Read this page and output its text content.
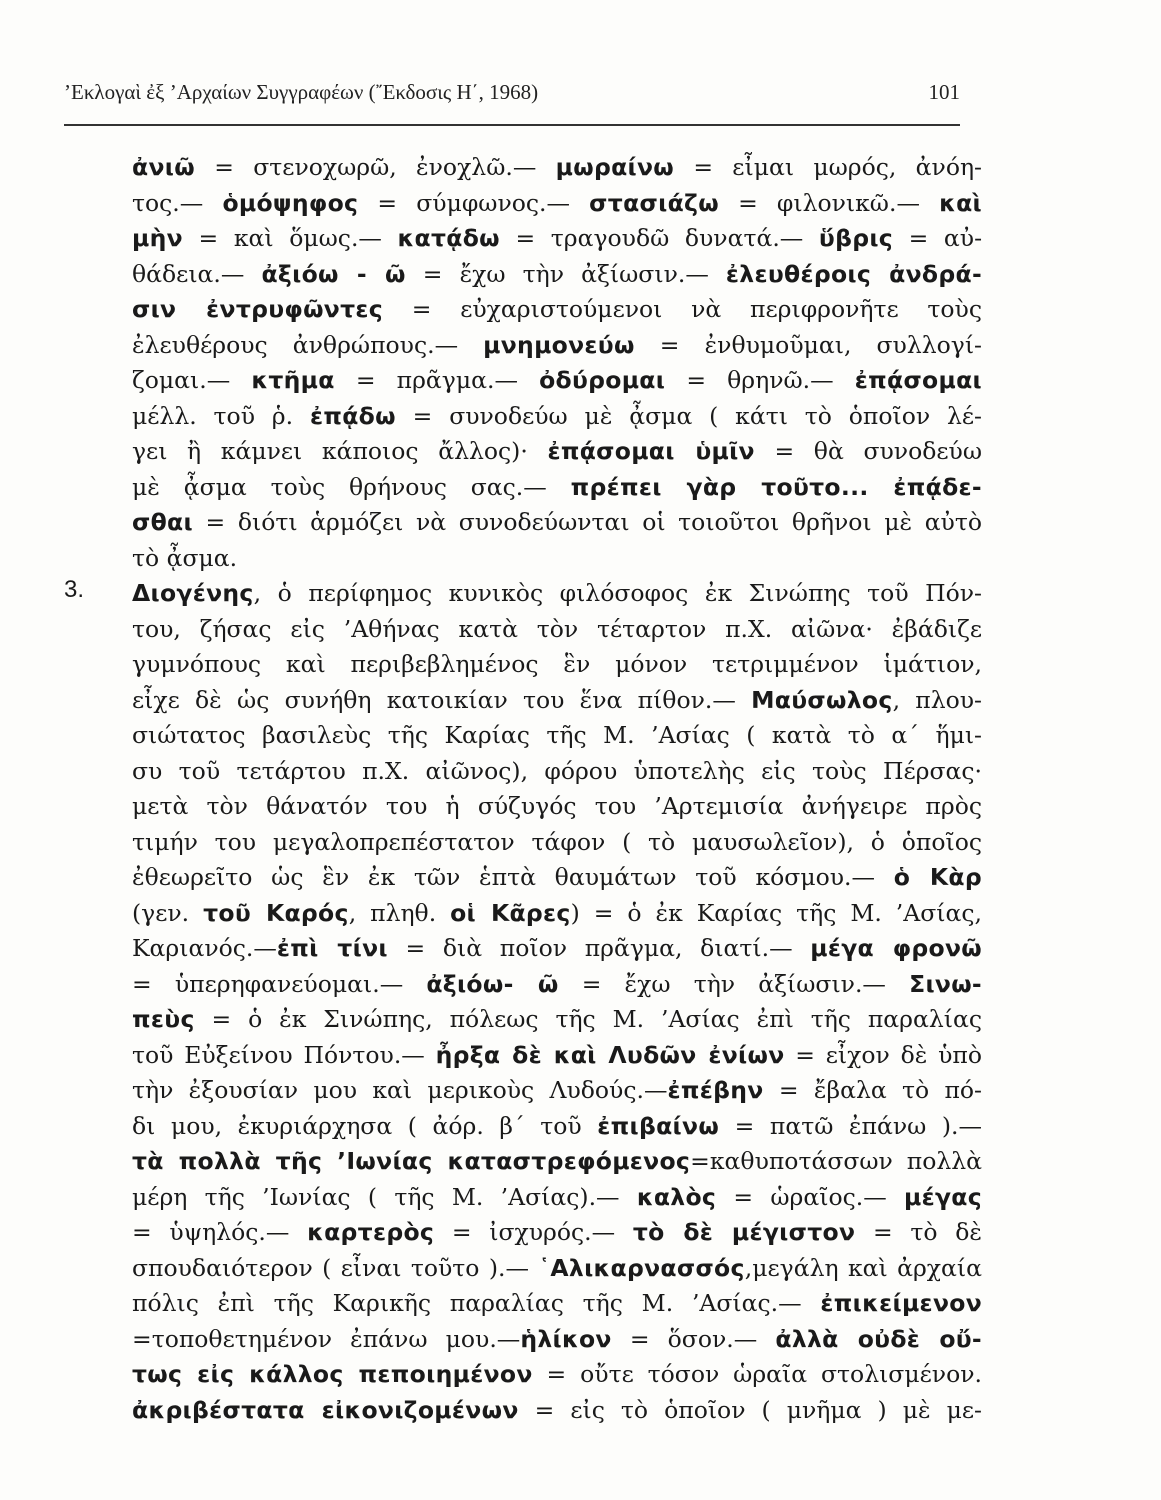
’Εκλογαὶ ἐξ ’Αρχαίων Συγγραφέων (῎Εκδοσις Η΄, 1968)	101
3.
ἀνιῶ = στενοχωρῶ, ἐνοχλῶ.— μωραίνω = εἶμαι μωρός, ἀνόη-
τος.— ὁμόψηφος = σύμφωνος.— στασιάζω = φιλονικῶ.— καὶ
μὴν = καὶ ὅμως.— κατᾴδω = τραγουδῶ δυνατά.— ὕβρις = αὐ-
θάδεια.— ἀξιόω - ῶ = ἔχω τὴν ἀξίωσιν.— ἐλευθέροις ἀνδρά-
σιν ἐντρυφῶντες = εὐχαριστούμενοι νὰ περιφρονῆτε τοὺς
ἐλευθέρους ἀνθρώπους.— μνημονεύω = ἐνθυμοῦμαι, συλλογί-
ζομαι.— κτῆμα = πρᾶγμα.— ὀδύρομαι = θρηνῶ.— ἐπᾴσομαι
μέλλ. τοῦ ῥ. ἐπᾴδω = συνοδεύω μὲ ᾆσμα ( κάτι τὸ ὁποῖον λέ-
γει ἢ κάμνει κάποιος ἄλλος)· ἐπᾴσομαι ὑμῖν = θὰ συνοδεύω
μὲ ᾆσμα τοὺς θρήνους σας.— πρέπει γὰρ τοῦτο... ἐπᾴδε-
σθαι = διότι ἁρμόζει νὰ συνοδεύωνται οἱ τοιοῦτοι θρῆνοι μὲ αὐτὸ
τὸ ᾆσμα.
Διογένης, ὁ περίφημος κυνικὸς φιλόσοφος ἐκ Σινώπης τοῦ Πόν-
του, ζήσας εἰς ’Αθήνας κατὰ τὸν τέταρτον π.Χ. αἰῶνα· ἐβάδιζε
γυμνόπους καὶ περιβεβλημένος ἓν μόνον τετριμμένον ἱμάτιον,
εἶχε δὲ ὡς συνήθη κατοικίαν του ἕνα πίθον.— Μαύσωλος, πλου-
σιώτατος βασιλεὺς τῆς Καρίας τῆς Μ. ’Ασίας ( κατὰ τὸ α΄ ἥμι-
συ τοῦ τετάρτου π.Χ. αἰῶνος), φόρου ὑποτελὴς εἰς τοὺς Πέρσας·
μετὰ τὸν θάνατόν του ἡ σύζυγός του ’Αρτεμισία ἀνήγειρε πρὸς
τιμήν του μεγαλοπρεπέστατον τάφον ( τὸ μαυσωλεῖον), ὁ ὁποῖος
ἐθεωρεῖτο ὡς ἓν ἐκ τῶν ἑπτὰ θαυμάτων τοῦ κόσμου.— ὁ Κὰρ
(γεν. τοῦ Καρός, πληθ. οἱ Κᾶρες) = ὁ ἐκ Καρίας τῆς Μ. ’Ασίας,
Καριανός.—ἐπὶ τίνι = διὰ ποῖον πρᾶγμα, διατί.— μέγα φρονῶ
= ὑπερηφανεύομαι.— ἀξιόω- ῶ = ἔχω τὴν ἀξίωσιν.— Σινω-
πεὺς = ὁ ἐκ Σινώπης, πόλεως τῆς Μ. ’Ασίας ἐπὶ τῆς παραλίας
τοῦ Εὐξείνου Πόντου.— ἦρξα δὲ καὶ Λυδῶν ἐνίων = εἶχον δὲ ὑπὸ
τὴν ἐξουσίαν μου καὶ μερικοὺς Λυδούς.—ἐπέβην = ἔβαλα τὸ πό-
δι μου, ἐκυριάρχησα ( ἀόρ. β΄ τοῦ ἐπιβαίνω = πατῶ ἐπάνω ).—
τὰ πολλὰ τῆς ’Ιωνίας καταστρεφόμενος=καθυποτάσσων πολλὰ
μέρη τῆς ’Ιωνίας ( τῆς Μ. ’Ασίας).— καλὸς = ὡραῖος.— μέγας
= ὑψηλός.— καρτερὸς = ἰσχυρός.— τὸ δὲ μέγιστον = τὸ δὲ
σπουδαιότερον ( εἶναι τοῦτο ).— ῾Αλικαρνασσός,μεγάλη καὶ ἀρχαία
πόλις ἐπὶ τῆς Καρικῆς παραλίας τῆς Μ. ’Ασίας.— ἐπικείμενον
=τοποθετημένον ἐπάνω μου.—ἡλίκον = ὅσον.— ἀλλὰ οὐδὲ οὔ-
τως εἰς κάλλος πεποιημένον = οὔτε τόσον ὡραῖα στολισμένον.
ἀκριβέστατα εἰκονιζομένων = εἰς τὸ ὁποῖον ( μνῆμα ) μὲ με-
